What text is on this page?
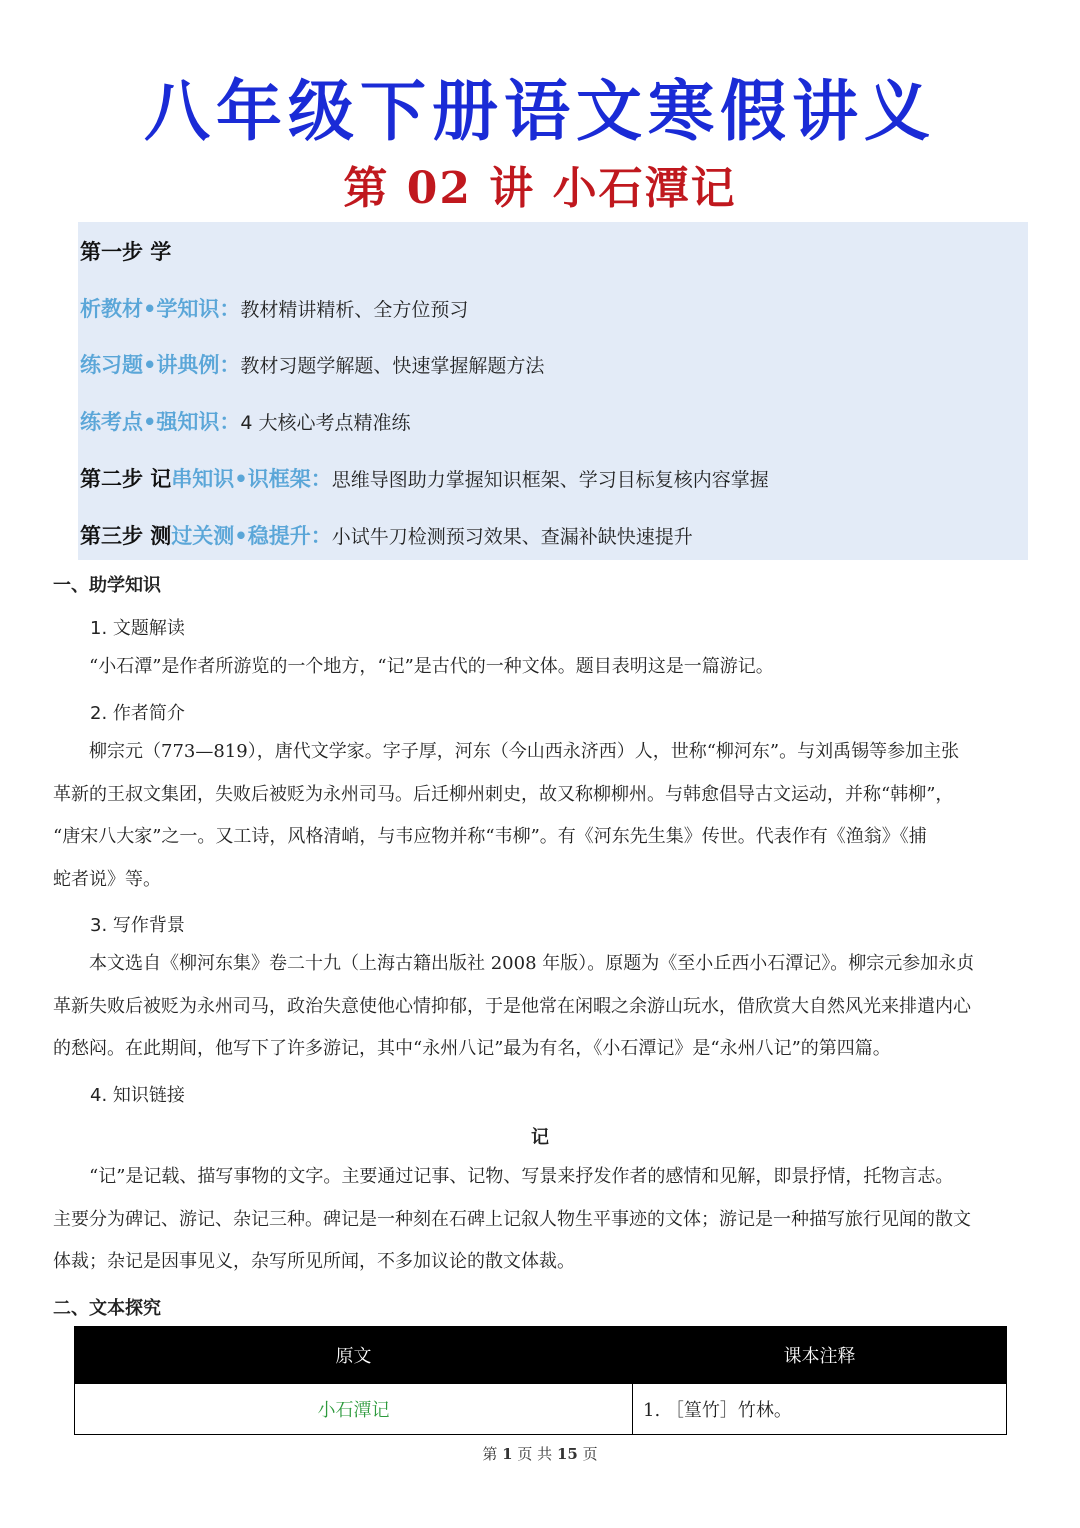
八年级下册语文寒假讲义
第 02 讲 小石潭记
第一步 学
析教材•学知识：教材精讲精析、全方位预习
练习题•讲典例：教材习题学解题、快速掌握解题方法
练考点•强知识：4 大核心考点精准练
第二步 记串知识•识框架：思维导图助力掌握知识框架、学习目标复核内容掌握
第三步 测过关测•稳提升：小试牛刀检测预习效果、查漏补缺快速提升
一、助学知识
1. 文题解读
“小石潭”是作者所游览的一个地方，“记”是古代的一种文体。题目表明这是一篇游记。
2. 作者简介
柳宗元（773—819），唐代文学家。字子厚，河东（今山西永济西）人，世称“柳河东”。与刘禹锡等参加主张
革新的王叔文集团，失败后被贬为永州司马。后迁柳州刺史，故又称柳柳州。与韩愈倡导古文运动，并称“韩柳”，
“唐宋八大家”之一。又工诗，风格清峭，与韦应物并称“韦柳”。有《河东先生集》传世。代表作有《渔翁》《捕
蛇者说》等。
3. 写作背景
本文选自《柳河东集》卷二十九（上海古籍出版社 2008 年版）。原题为《至小丘西小石潭记》。柳宗元参加永贞
革新失败后被贬为永州司马，政治失意使他心情抑郁，于是他常在闲暇之余游山玩水，借欣赏大自然风光来排遣内心
的愁闷。在此期间，他写下了许多游记，其中“永州八记”最为有名，《小石潭记》是“永州八记”的第四篇。
4. 知识链接
记
“记”是记载、描写事物的文字。主要通过记事、记物、写景来抒发作者的感情和见解，即景抒情，托物言志。
主要分为碑记、游记、杂记三种。碑记是一种刻在石碑上记叙人物生平事迹的文体；游记是一种描写旅行见闻的散文
体裁；杂记是因事见义，杂写所见所闻，不多加议论的散文体裁。
二、文本探究
原文	课本注释
小石潭记	1. ［篁竹］竹林。
第 1 页 共 15 页
